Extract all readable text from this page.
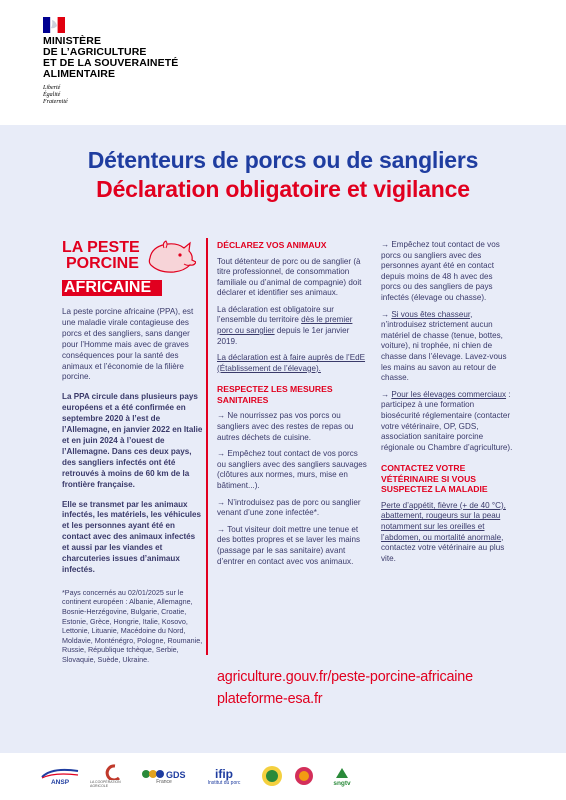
MINISTÈRE
DE L’AGRICULTURE
ET DE LA SOUVERAINETÉ
ALIMENTAIRE
Liberté
Égalité
Fraternité
Détenteurs de porcs ou de sangliers
Déclaration obligatoire et vigilance
LA PESTE
PORCINE
AFRICAINE

La peste porcine africaine (PPA), est une maladie virale contagieuse des porcs et des sangliers, sans danger pour l’Homme mais avec de graves conséquences pour la santé des animaux et l’économie de la filière porcine.

La PPA circule dans plusieurs pays européens et a été confirmée en septembre 2020 à l’est de l’Allemagne, en janvier 2022 en Italie et en juin 2024 à l’ouest de l’Allemagne. Dans ces deux pays, des sangliers infectés ont été retrouvés à moins de 60 km de la frontière française.

Elle se transmet par les animaux infectés, les matériels, les véhicules et les personnes ayant été en contact avec des animaux infectés et aussi par les viandes et charcuteries issues d’animaux infectés.

*Pays concernés au 02/01/2025 sur le continent européen : Albanie, Allemagne, Bosnie-Herzégovine, Bulgarie, Croatie, Estonie, Grèce, Hongrie, Italie, Kosovo, Lettonie, Lituanie, Macédoine du Nord, Moldavie, Monténégro, Pologne, Roumanie, Russie, République tchèque, Serbie, Slovaquie, Suède, Ukraine.

DÉCLAREZ VOS ANIMAUX

Tout détenteur de porc ou de sanglier (à titre professionnel, de consommation familiale ou d’animal de compagnie) doit déclarer et identifier ses animaux.

La déclaration est obligatoire sur l’ensemble du territoire dès le premier porc ou sanglier depuis le 1er janvier 2019.

La déclaration est à faire auprès de l’EdE (Établissement de l’élevage).

RESPECTEZ LES MESURES SANITAIRES

→ Ne nourrissez pas vos porcs ou sangliers avec des restes de repas ou autres déchets de cuisine.

→ Empêchez tout contact de vos porcs ou sangliers avec des sangliers sauvages (clôtures aux normes, murs, mise en bâtiment...).

→ N’introduisez pas de porc ou sanglier venant d’une zone infectée*.

→ Tout visiteur doit mettre une tenue et des bottes propres et se laver les mains (passage par le sas sanitaire) avant d’entrer en contact avec vos animaux.

→ Empêchez tout contact de vos porcs ou sangliers avec des personnes ayant été en contact depuis moins de 48 h avec des porcs ou des sangliers de pays infectés (élevage ou chasse).

→ Si vous êtes chasseur, n’introduisez strictement aucun matériel de chasse (tenue, bottes, voiture), ni trophée, ni chien de chasse dans l’élevage. Lavez-vous les mains au savon au retour de chasse.

→ Pour les élevages commerciaux : participez à une formation biosécurité réglementaire (contacter votre vétérinaire, OP, GDS, association sanitaire porcine régionale ou Chambre d’agriculture).

CONTACTEZ VOTRE VÉTÉRINAIRE SI VOUS SUSPECTEZ LA MALADIE

Perte d’appétit, fièvre (+ de 40 °C), abattement, rougeurs sur la peau notamment sur les oreilles et l’abdomen, ou mortalité anormale, contactez votre vétérinaire au plus vite.

agriculture.gouv.fr/peste-porcine-africaine
plateforme-esa.fr
ANSP	LA COOPÉRATION AGRICOLE
GDS
France
ifip
Institut du porc	sngtv
